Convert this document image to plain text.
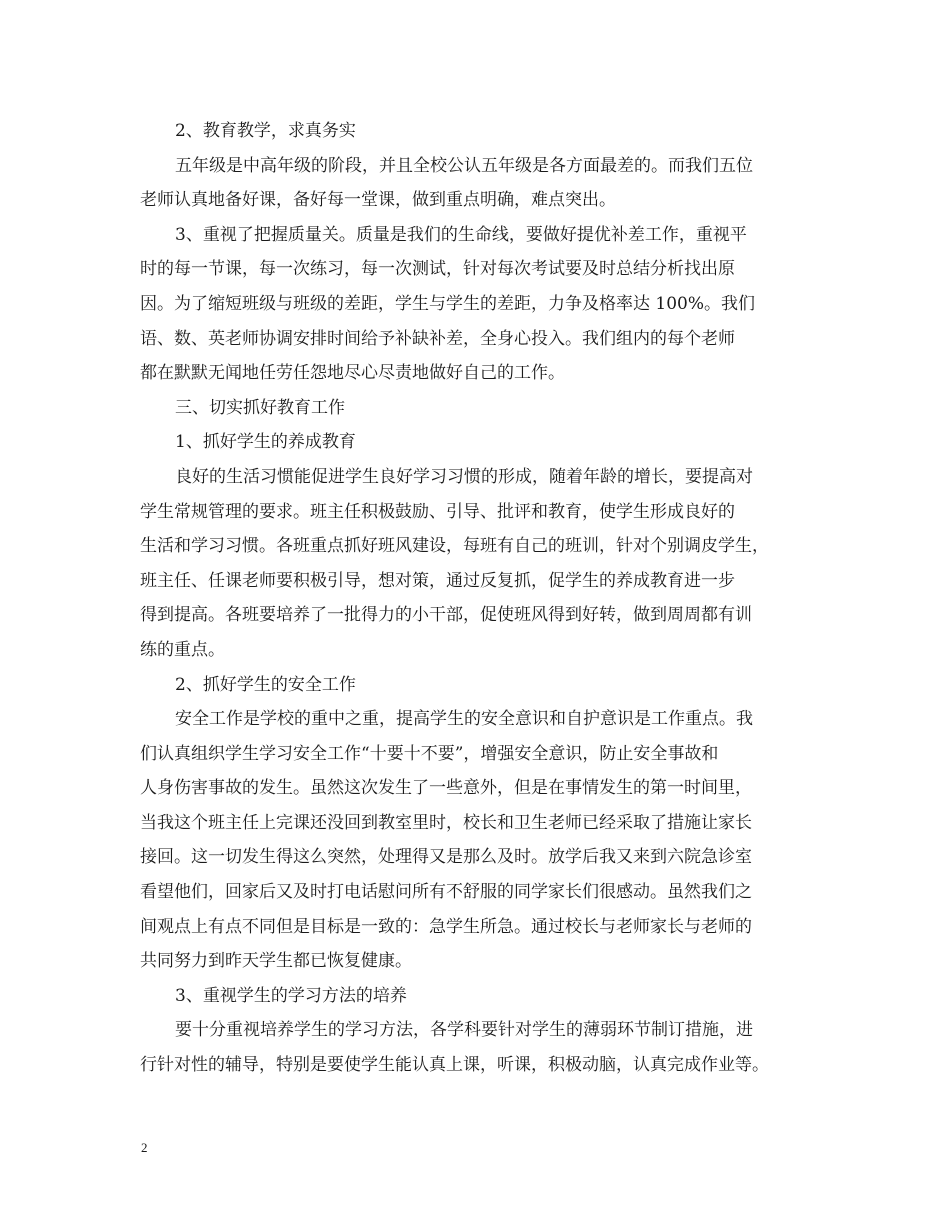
2、教育教学，求真务实
五年级是中高年级的阶段，并且全校公认五年级是各方面最差的。而我们五位
老师认真地备好课，备好每一堂课，做到重点明确，难点突出。
3、重视了把握质量关。质量是我们的生命线，要做好提优补差工作，重视平
时的每一节课，每一次练习，每一次测试，针对每次考试要及时总结分析找出原
因。为了缩短班级与班级的差距，学生与学生的差距，力争及格率达 100%。我们
语、数、英老师协调安排时间给予补缺补差，全身心投入。我们组内的每个老师
都在默默无闻地任劳任怨地尽心尽责地做好自己的工作。
三、切实抓好教育工作
1、抓好学生的养成教育
良好的生活习惯能促进学生良好学习习惯的形成，随着年龄的增长，要提高对
学生常规管理的要求。班主任积极鼓励、引导、批评和教育，使学生形成良好的
生活和学习习惯。各班重点抓好班风建设，每班有自己的班训，针对个别调皮学生，
班主任、任课老师要积极引导，想对策，通过反复抓，促学生的养成教育进一步
得到提高。各班要培养了一批得力的小干部，促使班风得到好转，做到周周都有训
练的重点。
2、抓好学生的安全工作
安全工作是学校的重中之重，提高学生的安全意识和自护意识是工作重点。我
们认真组织学生学习安全工作“十要十不要”，增强安全意识，防止安全事故和
人身伤害事故的发生。虽然这次发生了一些意外，但是在事情发生的第一时间里，
当我这个班主任上完课还没回到教室里时，校长和卫生老师已经采取了措施让家长
接回。这一切发生得这么突然，处理得又是那么及时。放学后我又来到六院急诊室
看望他们，回家后又及时打电话慰问所有不舒服的同学家长们很感动。虽然我们之
间观点上有点不同但是目标是一致的：急学生所急。通过校长与老师家长与老师的
共同努力到昨天学生都已恢复健康。
3、重视学生的学习方法的培养
要十分重视培养学生的学习方法，各学科要针对学生的薄弱环节制订措施，进
行针对性的辅导，特别是要使学生能认真上课，听课，积极动脑，认真完成作业等。
2
